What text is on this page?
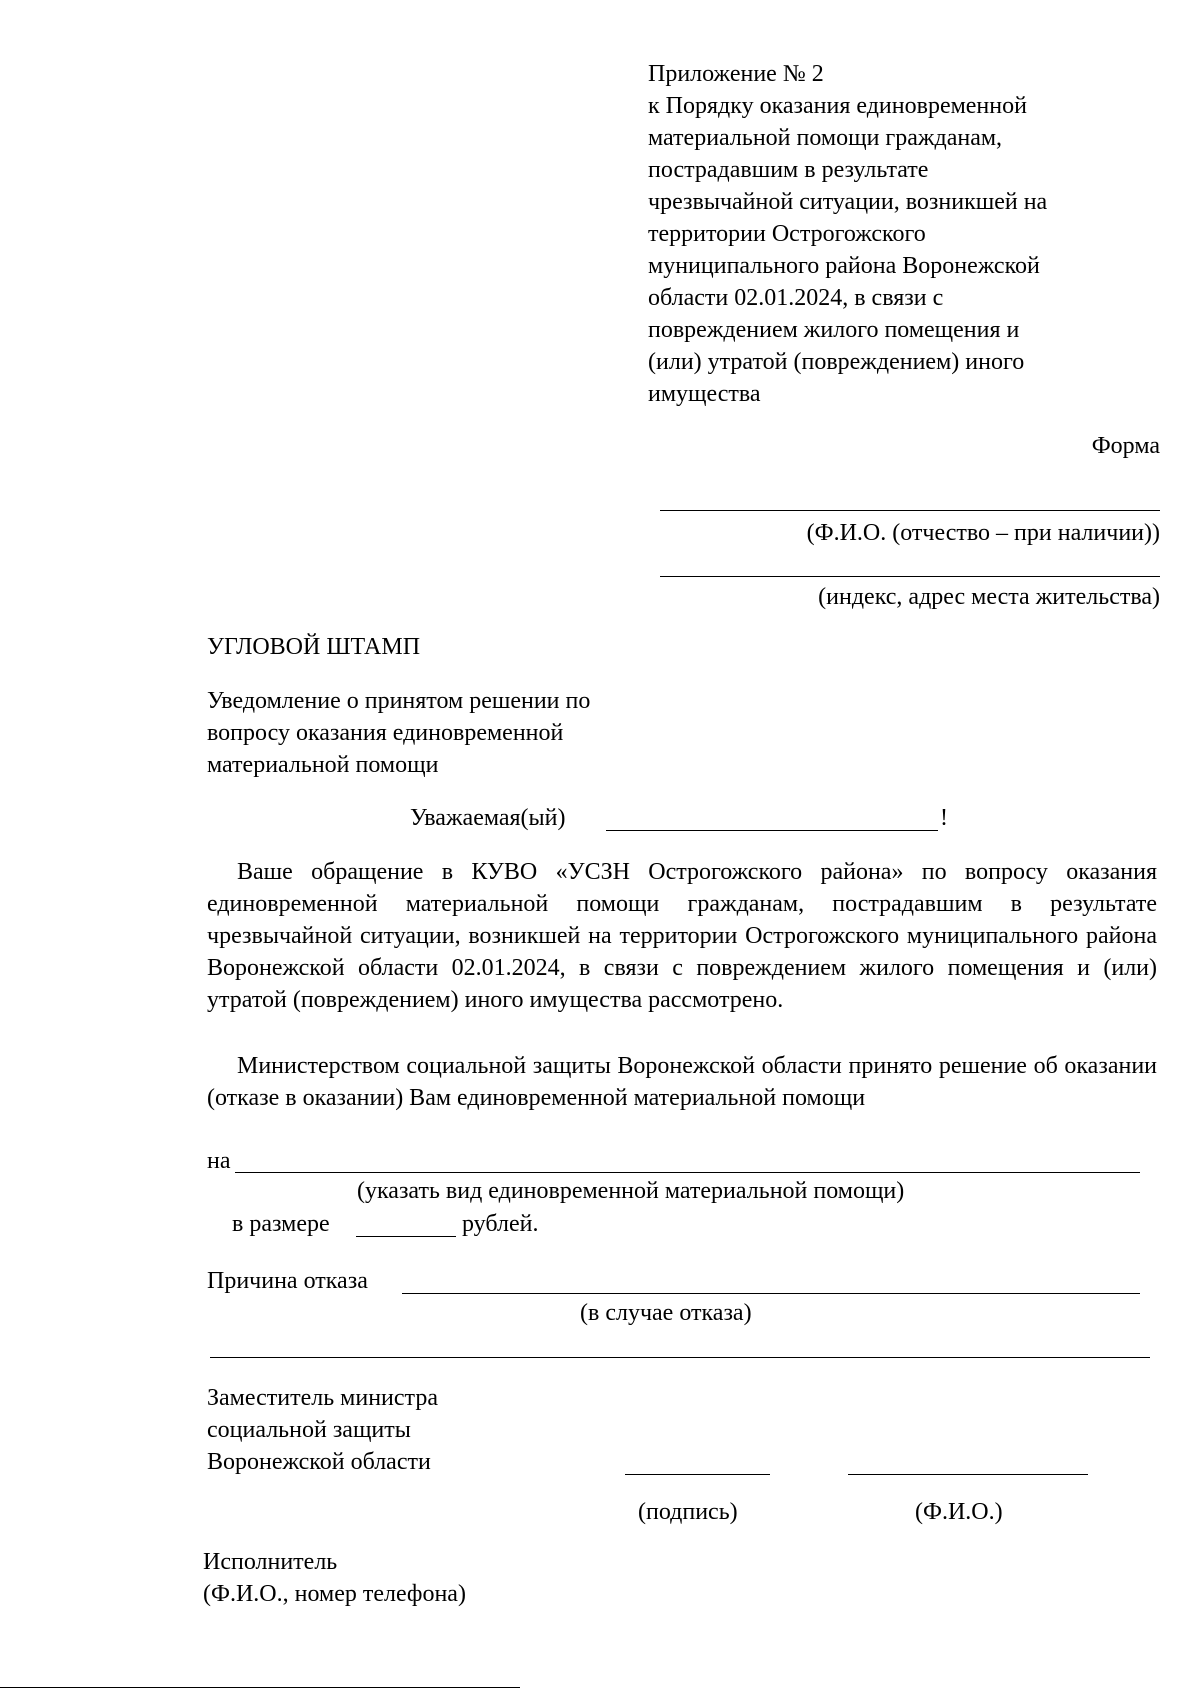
Приложение № 2
к Порядку оказания единовременной
материальной помощи гражданам,
пострадавшим в результате
чрезвычайной ситуации, возникшей на
территории Острогожского
муниципального района Воронежской
области 02.01.2024, в связи с
повреждением жилого помещения и
(или) утратой (повреждением) иного
имущества
Форма
(Ф.И.О. (отчество – при наличии))
(индекс, адрес места жительства)
УГЛОВОЙ ШТАМП
Уведомление о принятом решении по
вопросу оказания единовременной
материальной помощи
Уважаемая(ый)	!
Ваше обращение в КУВО «УСЗН Острогожского района» по вопросу оказания единовременной материальной помощи гражданам, пострадавшим в результате чрезвычайной ситуации, возникшей на территории Острогожского муниципального района Воронежской области 02.01.2024, в связи с повреждением жилого помещения и (или) утратой (повреждением) иного имущества рассмотрено.
Министерством социальной защиты Воронежской области принято решение об оказании (отказе в оказании) Вам единовременной материальной помощи
на
(указать вид единовременной материальной помощи)
в размере	рублей.
Причина отказа
(в случае отказа)
Заместитель министра
социальной защиты
Воронежской области
(подпись)	(Ф.И.О.)
Исполнитель
(Ф.И.О., номер телефона)
